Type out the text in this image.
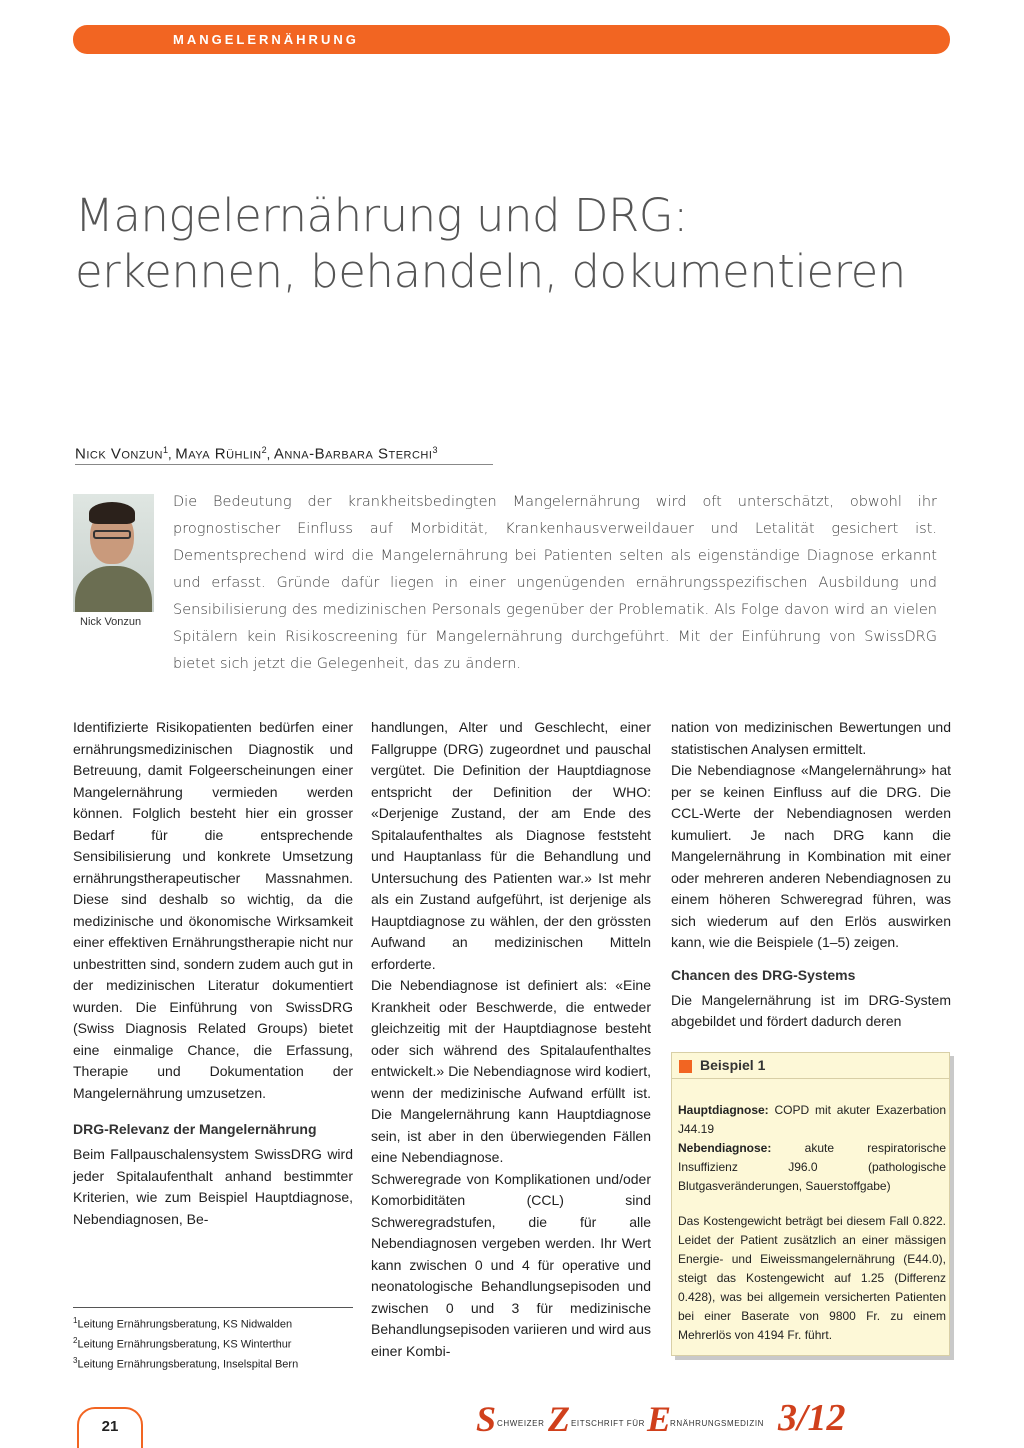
MANGELERNÄHRUNG
Mangelernährung und DRG:
erkennen, behandeln, dokumentieren
Nick Vonzun$^1$, Maya Rühlin$^2$, Anna-Barbara Sterchi$^3$
Nick Vonzun

Die Bedeutung der krankheitsbedingten Mangelernährung wird oft unterschätzt, obwohl ihr prognostischer Einfluss auf Morbidität, Krankenhausverweildauer und Letalität gesichert ist. Dementsprechend wird die Mangelernährung bei Patienten selten als eigenständige Diagnose erkannt und erfasst. Gründe dafür liegen in einer ungenügenden ernährungsspezifischen Ausbildung und Sensibilisierung des medizinischen Personals gegenüber der Problematik. Als Folge davon wird an vielen Spitälern kein Risikoscreening für Mangelernährung durchgeführt. Mit der Einführung von SwissDRG bietet sich jetzt die Gelegenheit, das zu ändern.

Identifizierte Risikopatienten bedürfen einer ernährungsmedizinischen Diagnostik und Betreuung, damit Folgeerscheinungen einer Mangelernährung vermieden werden können. Folglich besteht hier ein grosser Bedarf für die entsprechende Sensibilisierung und konkrete Umsetzung ernährungstherapeutischer Massnahmen. Diese sind deshalb so wichtig, da die medizinische und ökonomische Wirksamkeit einer effektiven Ernährungstherapie nicht nur unbestritten sind, sondern zudem auch gut in der medizinischen Literatur dokumentiert wurden. Die Einführung von SwissDRG (Swiss Diagnosis Related Groups) bietet eine einmalige Chance, die Erfassung, Therapie und Dokumentation der Mangelernährung umzusetzen.

DRG-Relevanz der Mangelernährung

Beim Fallpauschalensystem SwissDRG wird jeder Spitalaufenthalt anhand bestimmter Kriterien, wie zum Beispiel Hauptdiagnose, Nebendiagnosen, Be-

handlungen, Alter und Geschlecht, einer Fallgruppe (DRG) zugeordnet und pauschal vergütet. Die Definition der Hauptdiagnose entspricht der Definition der WHO: «Derjenige Zustand, der am Ende des Spitalaufenthaltes als Diagnose feststeht und Hauptanlass für die Behandlung und Untersuchung des Patienten war.» Ist mehr als ein Zustand aufgeführt, ist derjenige als Hauptdiagnose zu wählen, der den grössten Aufwand an medizinischen Mitteln erforderte.

Die Nebendiagnose ist definiert als: «Eine Krankheit oder Beschwerde, die entweder gleichzeitig mit der Hauptdiagnose besteht oder sich während des Spitalaufenthaltes entwickelt.» Die Nebendiagnose wird kodiert, wenn der medizinische Aufwand erfüllt ist. Die Mangelernährung kann Hauptdiagnose sein, ist aber in den überwiegenden Fällen eine Nebendiagnose.

Schweregrade von Komplikationen und/oder Komorbiditäten (CCL) sind Schweregradstufen, die für alle Nebendiagnosen vergeben werden. Ihr Wert kann zwischen 0 und 4 für operative und neonatologische Behandlungsepisoden und zwischen 0 und 3 für medizinische Behandlungsepisoden variieren und wird aus einer Kombi-

nation von medizinischen Bewertungen und statistischen Analysen ermittelt.

Die Nebendiagnose «Mangelernährung» hat per se keinen Einfluss auf die DRG. Die CCL-Werte der Nebendiagnosen werden kumuliert. Je nach DRG kann die Mangelernährung in Kombination mit einer oder mehreren anderen Nebendiagnosen zu einem höheren Schweregrad führen, was sich wiederum auf den Erlös auswirken kann, wie die Beispiele (1–5) zeigen.

Chancen des DRG-Systems

Die Mangelernährung ist im DRG-System abgebildet und fördert dadurch deren

$^1$Leitung Ernährungsberatung, KS Nidwalden
$^2$Leitung Ernährungsberatung, KS Winterthur
$^3$Leitung Ernährungsberatung, Inselspital Bern
Beispiel 1

Hauptdiagnose: COPD mit akuter Exazerbation J44.19

Nebendiagnose:	akute respiratorische Insuffizienz J96.0 (pathologische Blutgasveränderungen, Sauerstoffgabe)

Das Kostengewicht beträgt bei diesem Fall 0.822. Leidet der Patient zusätzlich an einer mässigen Energie- und Eiweissmangelernährung (E44.0), steigt das Kostengewicht auf 1.25 (Differenz 0.428), was bei allgemein versicherten Patienten bei einer Baserate von 9800 Fr. zu einem Mehrerlös von 4194 Fr. führt.

21	S CHWEIZER Z EITSCHRIFT FÜR E
RNÄHRUNGSMEDIZIN 3/12
